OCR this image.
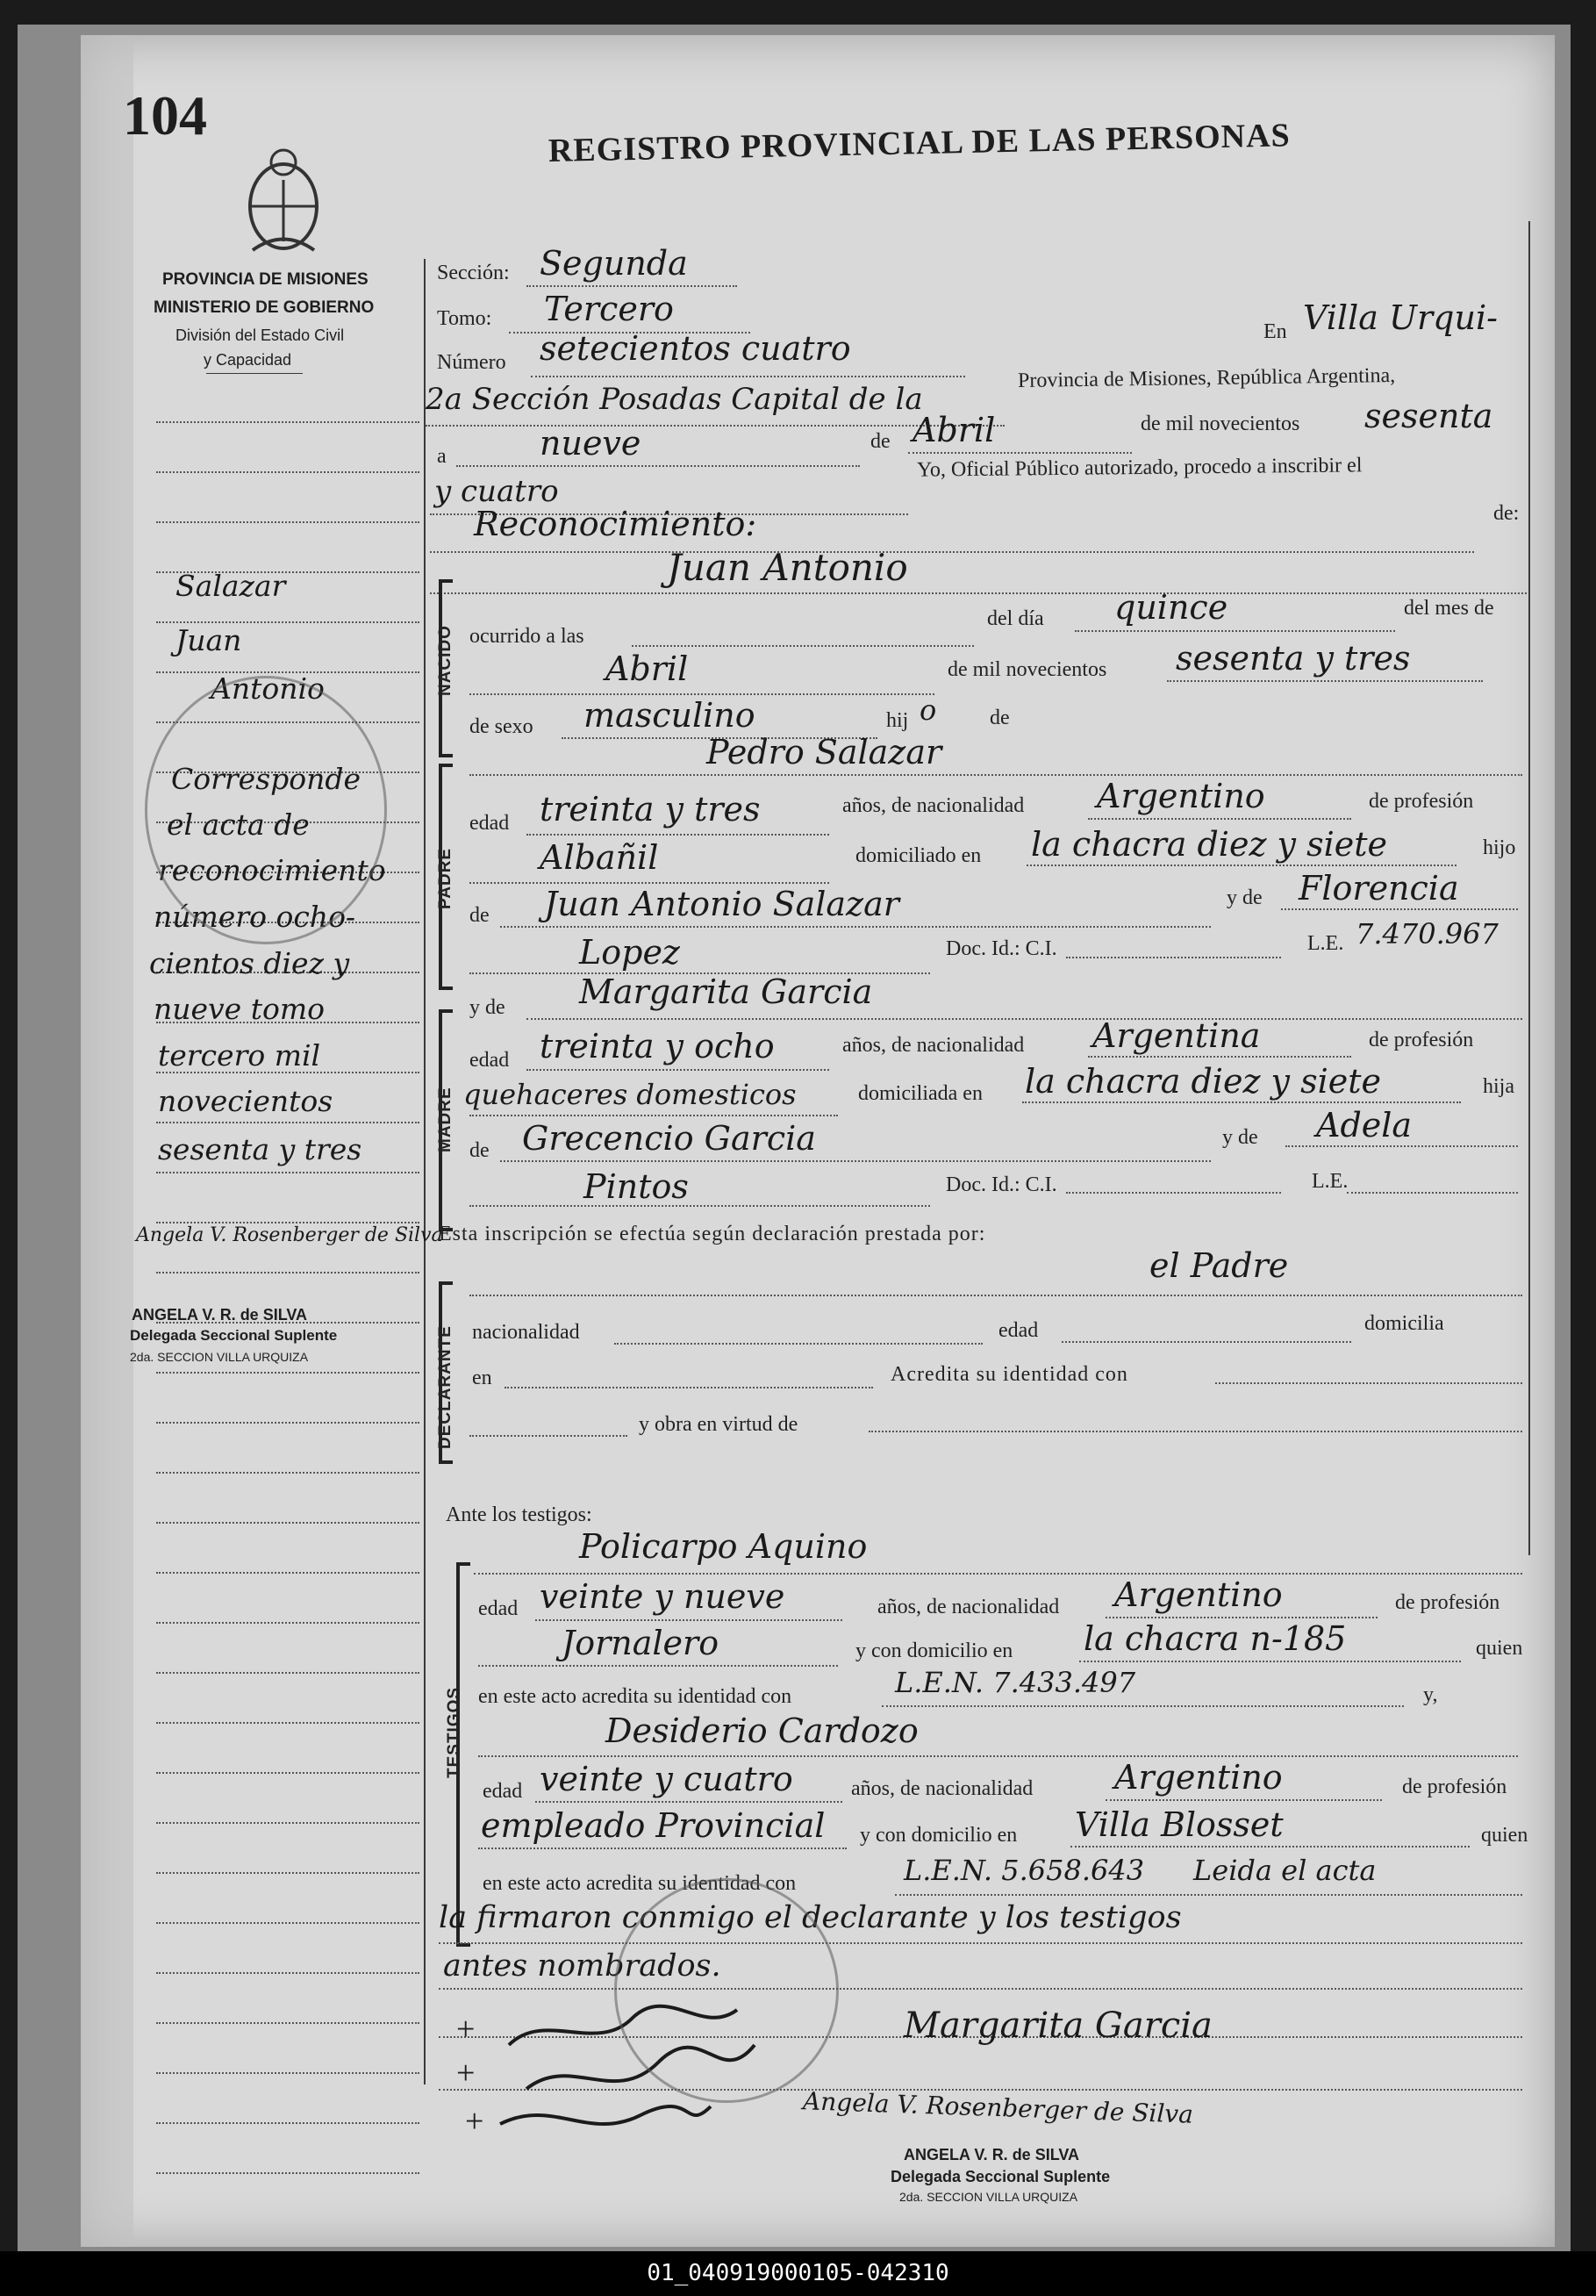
104	REGISTRO PROVINCIAL DE LAS PERSONAS
PROVINCIA DE MISIONES
MINISTERIO DE GOBIERNO
División del Estado Civil
y Capacidad
Sección: Segunda
Tomo: Tercero
En Villa Urqui-
Número setecientos cuatro
2a Sección Posadas Capital de la
Provincia de Misiones, República Argentina,
a	nueve	de Abril	de mil novecientos sesenta
y cuatro
Yo, Oficial Público autorizado, procedo a inscribir el
Reconocimiento:	de:
Juan Antonio
NACIDO ocurrido a las
del día quince	del mes de
Abril	de mil novecientos sesenta y tres
de sexo masculino	hij o	de
Pedro Salazar
PADRE
edad treinta y tres	años, de nacionalidad Argentino	de profesión
Albañil	domiciliado en la chacra diez y siete	hijo
de Juan Antonio Salazar	y de Florencia
Lopez	Doc. Id.: C.I.	L.E. 7.470.967
y de Margarita Garcia
MADRE
edad treinta y ocho	años, de nacionalidad Argentina	de profesión
quehaceres domesticos	domiciliada en la chacra diez y siete	hija
de Grecencio Garcia	y de Adela
Pintos	Doc. Id.: C.I.	L.E.
Esta inscripción se efectúa según declaración prestada por:
el Padre
DECLARANTE nacionalidad	edad	domicilia
en	Acredita su identidad con
y obra en virtud de
Ante los testigos:
Policarpo Aquino
TESTIGOS
edad veinte y nueve	años, de nacionalidad Argentino	de profesión
Jornalero	y con domicilio en la chacra n-185	quien
en este acto acredita su identidad con	L.E.N. 7.433.497	y,
Desiderio Cardozo
edad veinte y cuatro	años, de nacionalidad Argentino	de profesión
empleado Provincial y con domicilio en Villa Blosset	quien
en este acto acredita su identidad con	L.E.N. 5.658.643 Leida el acta
la firmaron conmigo el declarante y los testigos
antes nombrados.
+
+
+
Margarita Garcia
Angela V. Rosenberger de Silva
ANGELA V. R. de SILVA
Delegada Seccional Suplente
2da. SECCION VILLA URQUIZA
Salazar
Juan
Antonio
Corresponde
el acta de
reconocimiento
número ocho-
cientos diez y
nueve tomo
tercero mil
novecientos
sesenta y tres
Angela V. Rosenberger de Silva
ANGELA V. R. de SILVA
Delegada Seccional Suplente
2da. SECCION VILLA URQUIZA
01_040919000105-042310
